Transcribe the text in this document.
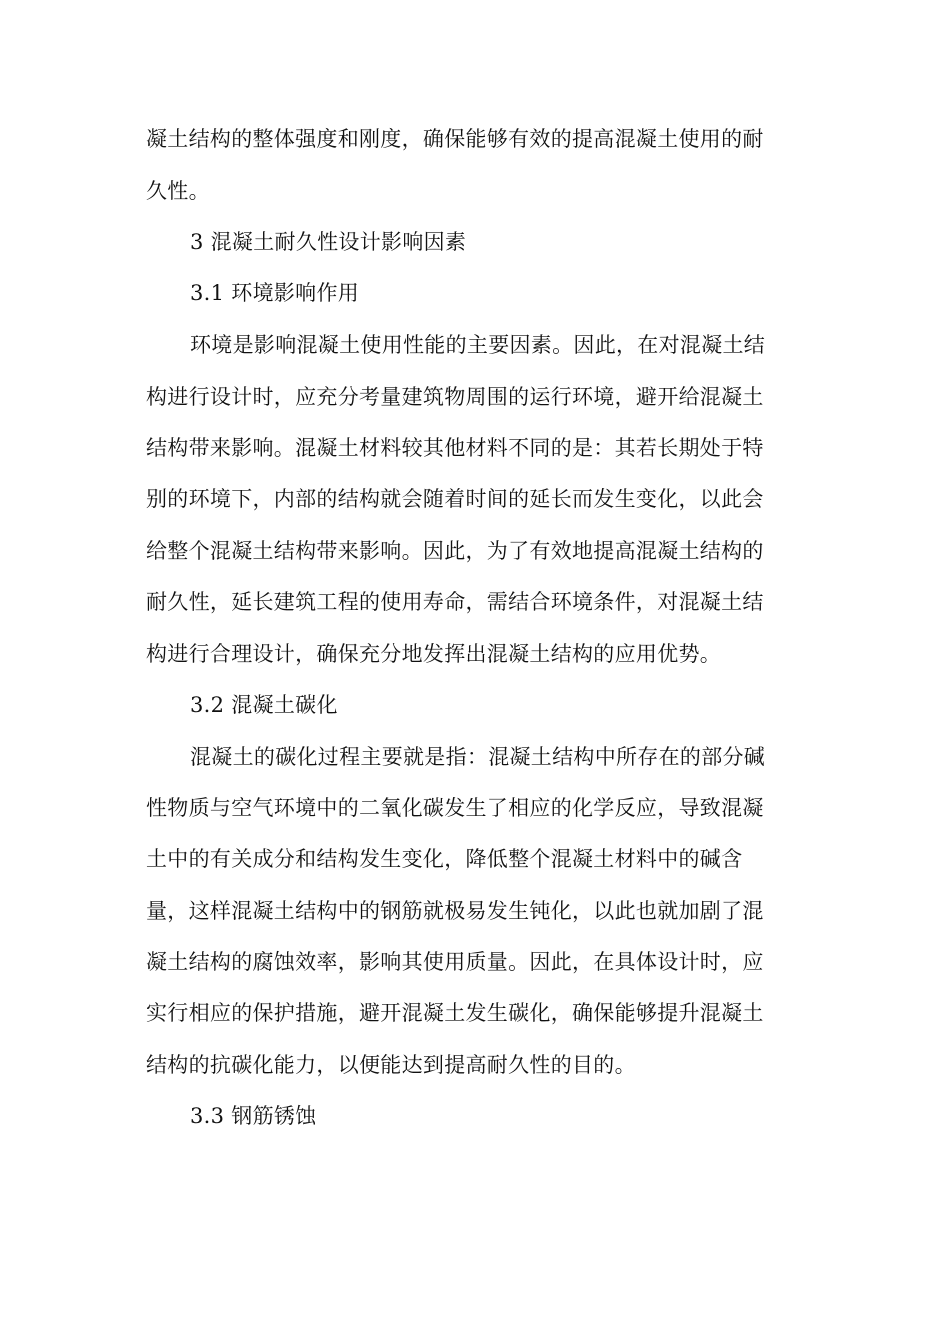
凝土结构的整体强度和刚度，确保能够有效的提高混凝土使用的耐
久性。
3 混凝土耐久性设计影响因素
3.1 环境影响作用
环境是影响混凝土使用性能的主要因素。因此，在对混凝土结
构进行设计时，应充分考量建筑物周围的运行环境，避开给混凝土
结构带来影响。混凝土材料较其他材料不同的是：其若长期处于特
别的环境下，内部的结构就会随着时间的延长而发生变化，以此会
给整个混凝土结构带来影响。因此，为了有效地提高混凝土结构的
耐久性，延长建筑工程的使用寿命，需结合环境条件，对混凝土结
构进行合理设计，确保充分地发挥出混凝土结构的应用优势。
3.2 混凝土碳化
混凝土的碳化过程主要就是指：混凝土结构中所存在的部分碱
性物质与空气环境中的二氧化碳发生了相应的化学反应，导致混凝
土中的有关成分和结构发生变化，降低整个混凝土材料中的碱含
量，这样混凝土结构中的钢筋就极易发生钝化，以此也就加剧了混
凝土结构的腐蚀效率，影响其使用质量。因此，在具体设计时，应
实行相应的保护措施，避开混凝土发生碳化，确保能够提升混凝土
结构的抗碳化能力，以便能达到提高耐久性的目的。
3.3 钢筋锈蚀
